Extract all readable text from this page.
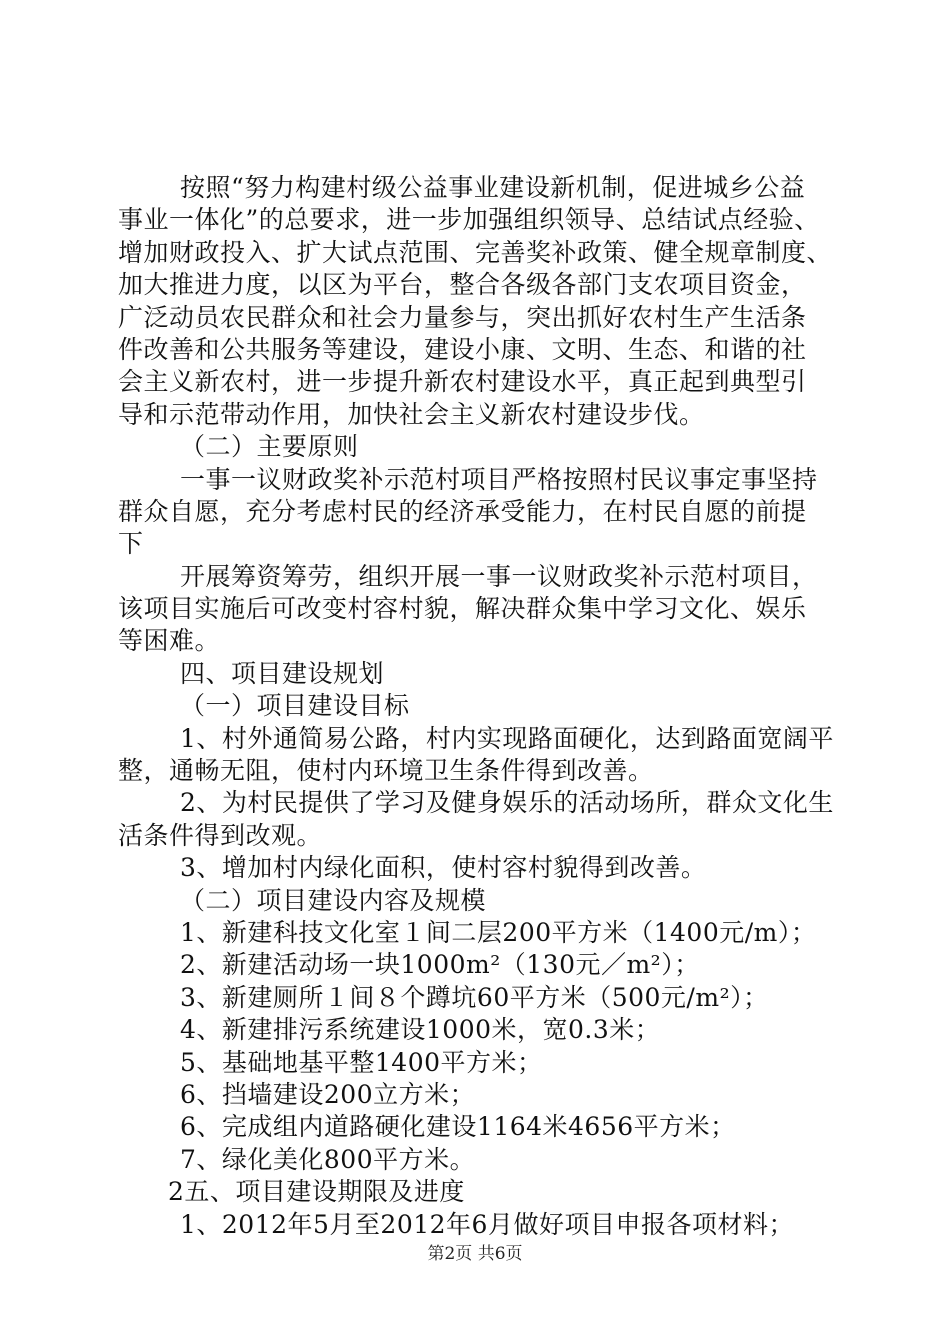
按照“努力构建村级公益事业建设新机制，促进城乡公益
事业一体化”的总要求，进一步加强组织领导、总结试点经验、
增加财政投入、扩大试点范围、完善奖补政策、健全规章制度、
加大推进力度，以区为平台，整合各级各部门支农项目资金，
广泛动员农民群众和社会力量参与，突出抓好农村生产生活条
件改善和公共服务等建设，建设小康、文明、生态、和谐的社
会主义新农村，进一步提升新农村建设水平，真正起到典型引
导和示范带动作用，加快社会主义新农村建设步伐。
（二）主要原则
一事一议财政奖补示范村项目严格按照村民议事定事坚持
群众自愿，充分考虑村民的经济承受能力，在村民自愿的前提
下
开展筹资筹劳，组织开展一事一议财政奖补示范村项目，
该项目实施后可改变村容村貌，解决群众集中学习文化、娱乐
等困难。
四、项目建设规划
（一）项目建设目标
1、村外通简易公路，村内实现路面硬化，达到路面宽阔平
整，通畅无阻，使村内环境卫生条件得到改善。
2、为村民提供了学习及健身娱乐的活动场所，群众文化生
活条件得到改观。
3、增加村内绿化面积，使村容村貌得到改善。
（二）项目建设内容及规模
1、新建科技文化室１间二层200平方米（1400元/m）；
2、新建活动场一块1000m²（130元／m²）；
3、新建厕所１间８个蹲坑60平方米（500元/m²）；
4、新建排污系统建设1000米，宽0.3米；
5、基础地基平整1400平方米；
6、挡墙建设200立方米；
6、完成组内道路硬化建设1164米4656平方米；
7、绿化美化800平方米。
2五、项目建设期限及进度
1、2012年5月至2012年6月做好项目申报各项材料；
第2页 共6页
